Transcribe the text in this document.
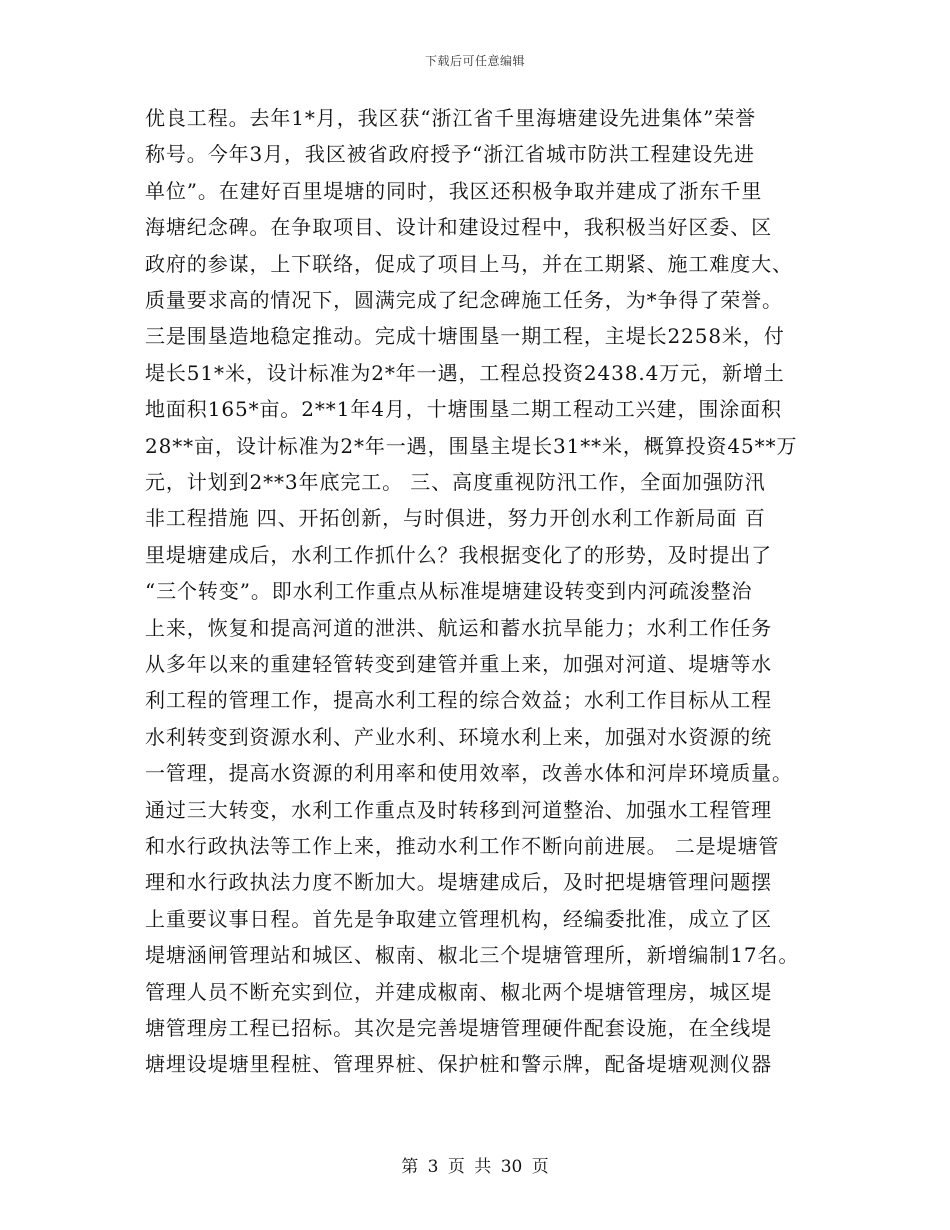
下载后可任意编辑
优良工程。去年1*月，我区获“浙江省千里海塘建设先进集体”荣誉
称号。今年3月，我区被省政府授予“浙江省城市防洪工程建设先进
单位”。在建好百里堤塘的同时，我区还积极争取并建成了浙东千里
海塘纪念碑。在争取项目、设计和建设过程中，我积极当好区委、区
政府的参谋，上下联络，促成了项目上马，并在工期紧、施工难度大、
质量要求高的情况下，圆满完成了纪念碑施工任务，为*争得了荣誉。
三是围垦造地稳定推动。完成十塘围垦一期工程，主堤长2258米，付
堤长51*米，设计标准为2*年一遇，工程总投资2438.4万元，新增土
地面积165*亩。2**1年4月，十塘围垦二期工程动工兴建，围涂面积
28**亩，设计标准为2*年一遇，围垦主堤长31**米，概算投资45**万
元，计划到2**3年底完工。 三、高度重视防汛工作，全面加强防汛
非工程措施 四、开拓创新，与时俱进，努力开创水利工作新局面 百
里堤塘建成后，水利工作抓什么？我根据变化了的形势，及时提出了
“三个转变”。即水利工作重点从标准堤塘建设转变到内河疏浚整治
上来，恢复和提高河道的泄洪、航运和蓄水抗旱能力；水利工作任务
从多年以来的重建轻管转变到建管并重上来，加强对河道、堤塘等水
利工程的管理工作，提高水利工程的综合效益；水利工作目标从工程
水利转变到资源水利、产业水利、环境水利上来，加强对水资源的统
一管理，提高水资源的利用率和使用效率，改善水体和河岸环境质量。
通过三大转变，水利工作重点及时转移到河道整治、加强水工程管理
和水行政执法等工作上来，推动水利工作不断向前进展。 二是堤塘管
理和水行政执法力度不断加大。堤塘建成后，及时把堤塘管理问题摆
上重要议事日程。首先是争取建立管理机构，经编委批准，成立了区
堤塘涵闸管理站和城区、椒南、椒北三个堤塘管理所，新增编制17名。
管理人员不断充实到位，并建成椒南、椒北两个堤塘管理房，城区堤
塘管理房工程已招标。其次是完善堤塘管理硬件配套设施，在全线堤
塘埋设堤塘里程桩、管理界桩、保护桩和警示牌，配备堤塘观测仪器
第 3 页 共 30 页
